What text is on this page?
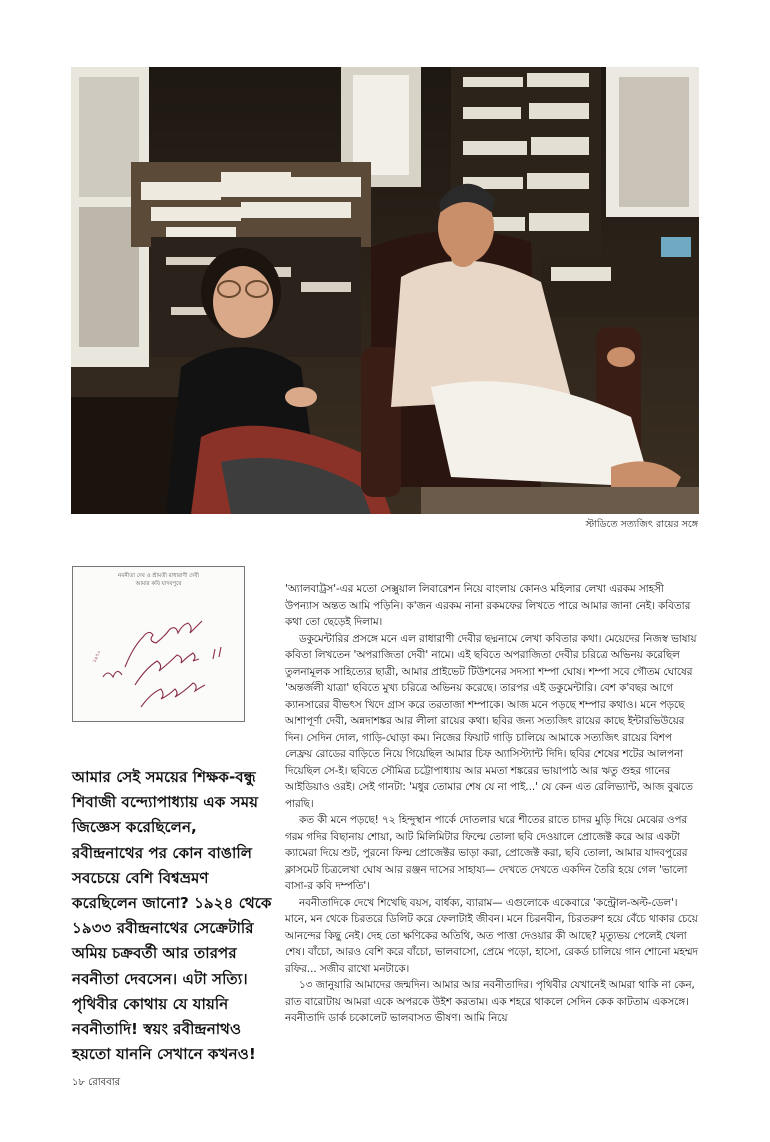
স্টাডিতে সত্যজিৎ রায়ের সঙ্গে
নবনীতা দেব ও শ্রীমতী রাধারাণী দেবী
আমার কবি যাদবপুরে
১৯৭০
আমার সেই সময়ের শিক্ষক-বন্ধু শিবাজী বন্দ্যোপাধ্যায় এক সময় জিজ্ঞেস করেছিলেন, রবীন্দ্রনাথের পর কোন বাঙালি সবচেয়ে বেশি বিশ্বভ্রমণ করেছিলেন জানো? ১৯২৪ থেকে ১৯৩৩ রবীন্দ্রনাথের সেক্রেটারি অমিয় চক্রবর্তী আর তারপর নবনীতা দেবসেন। এটা সত্যি। পৃথিবীর কোথায় যে যায়নি নবনীতাদি! স্বয়ং রবীন্দ্রনাথও হয়তো যাননি সেখানে কখনও!

'অ্যালবাট্রস'-এর মতো সেক্সুয়াল লিবারেশন নিয়ে বাংলায় কোনও মহিলার লেখা এরকম সাহসী উপন্যাস অন্তত আমি পড়িনি। ক'জন এরকম নানা রকমফের লিখতে পারে আমার জানা নেই। কবিতার কথা তো ছেড়েই দিলাম।

ডকুমেন্টারির প্রসঙ্গে মনে এল রাধারাণী দেবীর ছদ্মনামে লেখা কবিতার কথা। মেয়েদের নিজস্ব ভাষায় কবিতা লিখতেন 'অপরাজিতা দেবী' নামে। এই ছবিতে অপরাজিতা দেবীর চরিত্রে অভিনয় করেছিল তুলনামূলক সাহিত্যের ছাত্রী, আমার প্রাইভেট টিউশনের সদস্যা শম্পা ঘোষ। শম্পা সবে গৌতম ঘোষের 'অন্তর্জলী যাত্রা' ছবিতে মুখ্য চরিত্রে অভিনয় করেছে। তারপর এই ডকুমেন্টারি। বেশ ক'বছর আগে ক্যানসারের বীভৎস খিদে গ্রাস করে তরতাজা শম্পাকে। আজ মনে পড়ছে শম্পার কথাও। মনে পড়ছে আশাপূর্ণা দেবী, অন্নদাশঙ্কর আর লীলা রায়ের কথা। ছবির জন্য সত্যজিৎ রায়ের কাছে ইন্টারভিউয়ের দিন। সেদিন দোল, গাড়ি-ঘোড়া কম। নিজের ফিয়াট গাড়ি চালিয়ে আমাকে সত্যজিৎ রায়ের বিশপ লেফ্রয় রোডের বাড়িতে নিয়ে গিয়েছিল আমার চিফ অ্যাসিস্ট্যান্ট দিদি। ছবির শেষের শটের আলপনা দিয়েছিল সে-ই। ছবিতে সৌমিত্র চট্টোপাধ্যায় আর মমতা শঙ্করের ভায়াপাঠ আর ঋতু গুহর গানের আইডিয়াও ওরই। সেই গানটা: 'মধুর তোমার শেষ যে না পাই...' যে কেন এত রেলিভ্যান্ট, আজ বুঝতে পারছি।

কত কী মনে পড়ছে! ৭২ হিন্দুস্থান পার্কে দোতলার ঘরে শীতের রাতে চাদর মুড়ি দিয়ে মেঝের ওপর গরম গদির বিছানায় শোয়া, আট মিলিমিটার ফিল্মে তোলা ছবি দেওয়ালে প্রোজেক্ট করে আর একটা ক্যামেরা দিয়ে শুট, পুরনো ফিল্ম প্রোজেক্টর ভাড়া করা, প্রোজেক্ট করা, ছবি তোলা, আমার যাদবপুরের ক্লাসমেট চিত্রলেখা ঘোষ আর রঞ্জন দাসের সাহায্য— দেখতে দেখতে একদিন তৈরি হয়ে গেল 'ভালো বাসা-র কবি দম্পতি'।

নবনীতাদিকে দেখে শিখেছি বয়স, বার্ধক্য, ব্যারাম— এগুলোকে একেবারে 'কন্ট্রোল-অল্ট-ডেল'। মানে, মন থেকে চিরতরে ডিলিট করে ফেলাটাই জীবন। মনে চিরনবীন, চিরতরুণ হয়ে বেঁচে থাকার চেয়ে আনন্দের কিছু নেই। দেহ তো ক্ষণিকের অতিথি, অত পাত্তা দেওয়ার কী আছে? মৃত্যুভয় পেলেই খেলা শেষ। বাঁচো, আরও বেশি করে বাঁচো, ভালবাসো, প্রেমে পড়ো, হাসো, রেকর্ড চালিয়ে গান শোনো মহম্মদ রফির... সজীব রাখো মনটাকে।

১৩ জানুয়ারি আমাদের জন্মদিন। আমার আর নবনীতাদির। পৃথিবীর যেখানেই আমরা থাকি না কেন, রাত বারোটায় আমরা একে অপরকে উইশ করতাম। এক শহরে থাকলে সেদিন কেক কাটতাম একসঙ্গে। নবনীতাদি ডার্ক চকোলেট ভালবাসত ভীষণ। আমি নিয়ে

১৮ রোববার
